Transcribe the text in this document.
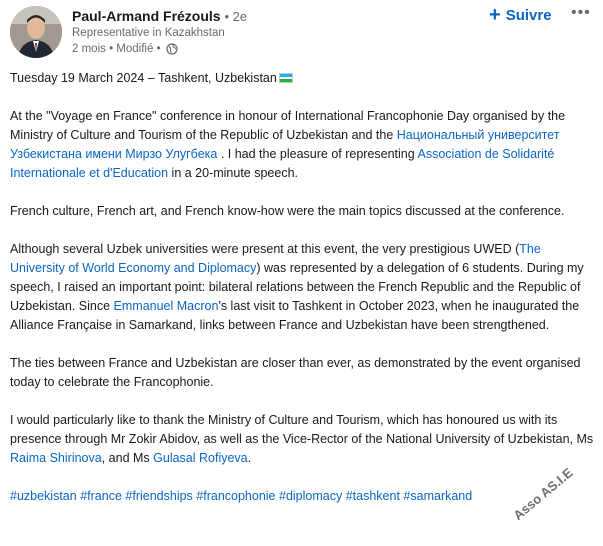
Paul-Armand Frézouls • 2e
Representative in Kazakhstan
2 mois • Modifié •
+ Suivre •••

Tuesday 19 March 2024 – Tashkent, Uzbekistan

At the "Voyage en France" conference in honour of International Francophonie Day organised by the Ministry of Culture and Tourism of the Republic of Uzbekistan and the Национальный университет Узбекистана имени Мирзо Улугбека . I had the pleasure of representing Association de Solidarité Internationale et d'Education in a 20-minute speech.

French culture, French art, and French know-how were the main topics discussed at the conference.

Although several Uzbek universities were present at this event, the very prestigious UWED (The University of World Economy and Diplomacy) was represented by a delegation of 6 students. During my speech, I raised an important point: bilateral relations between the French Republic and the Republic of Uzbekistan. Since Emmanuel Macron's last visit to Tashkent in October 2023, when he inaugurated the Alliance Française in Samarkand, links between France and Uzbekistan have been strengthened.

The ties between France and Uzbekistan are closer than ever, as demonstrated by the event organised today to celebrate the Francophonie.

I would particularly like to thank the Ministry of Culture and Tourism, which has honoured us with its presence through Mr Zokir Abidov, as well as the Vice-Rector of the National University of Uzbekistan, Ms Raima Shirinova, and Ms Gulasal Rofiyeva.

#uzbekistan #france #friendships #francophonie #diplomacy #tashkent #samarkand	Asso AS.I.E
